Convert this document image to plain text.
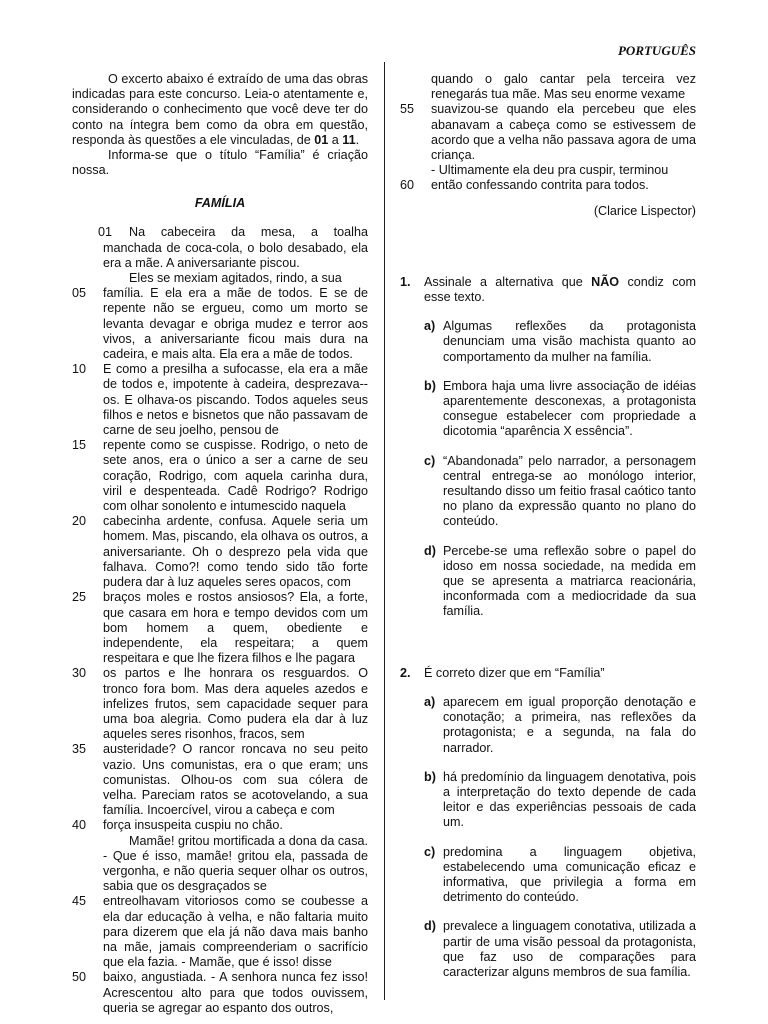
PORTUGUÊS

O excerto abaixo é extraído de uma das obras indicadas para este concurso. Leia-o atentamente e, considerando o conhecimento que você deve ter do conto na íntegra bem como da obra em questão, responda às questões a ele vinculadas, de 01 a 11.

Informa-se que o título “Família” é criação nossa.

FAMÍLIA
01 Na cabeceira da mesa, a toalha manchada de coca-cola, o bolo desabado, ela era a mãe. A aniversariante piscou.
Eles se mexiam agitados, rindo, a sua
05 família. E ela era a mãe de todos. E se de repente não se ergueu, como um morto se levanta devagar e obriga mudez e terror aos vivos, a aniversariante ficou mais dura na cadeira, e mais alta. Ela era a mãe de todos.
10 E como a presilha a sufocasse, ela era a mãe de todos e, impotente à cadeira, desprezava--os. E olhava-os piscando. Todos aqueles seus filhos e netos e bisnetos que não passavam de carne de seu joelho, pensou de
15 repente como se cuspisse. Rodrigo, o neto de sete anos, era o único a ser a carne de seu coração, Rodrigo, com aquela carinha dura, viril e despenteada. Cadê Rodrigo? Rodrigo com olhar sonolento e intumescido naquela
20 cabecinha ardente, confusa. Aquele seria um homem. Mas, piscando, ela olhava os outros, a aniversariante. Oh o desprezo pela vida que falhava. Como?! como tendo sido tão forte pudera dar à luz aqueles seres opacos, com
25 braços moles e rostos ansiosos? Ela, a forte, que casara em hora e tempo devidos com um bom homem a quem, obediente e independente, ela respeitara; a quem respeitara e que lhe fizera filhos e lhe pagara
30 os partos e lhe honrara os resguardos. O tronco fora bom. Mas dera aqueles azedos e infelizes frutos, sem capacidade sequer para uma boa alegria. Como pudera ela dar à luz aqueles seres risonhos, fracos, sem
35 austeridade? O rancor roncava no seu peito vazio. Uns comunistas, era o que eram; uns comunistas. Olhou-os com sua cólera de velha. Pareciam ratos se acotovelando, a sua família. Incoercível, virou a cabeça e com
40 força insuspeita cuspiu no chão.
Mamãe! gritou mortificada a dona da casa. - Que é isso, mamãe! gritou ela, passada de vergonha, e não queria sequer olhar os outros, sabia que os desgraçados se
45 entreolhavam vitoriosos como se coubesse a ela dar educação à velha, e não faltaria muito para dizerem que ela já não dava mais banho na mãe, jamais compreenderiam o sacrifício que ela fazia. - Mamãe, que é isso! disse
50 baixo, angustiada. - A senhora nunca fez isso! Acrescentou alto para que todos ouvissem, queria se agregar ao espanto dos outros,
quando o galo cantar pela terceira vez renegarás tua mãe. Mas seu enorme vexame
55 suavizou-se quando ela percebeu que eles abanavam a cabeça como se estivessem de acordo que a velha não passava agora de uma criança.
- Ultimamente ela deu pra cuspir, terminou
60 então confessando contrita para todos.
(Clarice Lispector)
1. Assinale a alternativa que NÃO condiz com esse texto.
a) Algumas reflexões da protagonista denunciam uma visão machista quanto ao comportamento da mulher na família.
b) Embora haja uma livre associação de idéias aparentemente desconexas, a protagonista consegue estabelecer com propriedade a dicotomia “aparência X essência”.
c) “Abandonada” pelo narrador, a personagem central entrega-se ao monólogo interior, resultando disso um feitio frasal caótico tanto no plano da expressão quanto no plano do conteúdo.
d) Percebe-se uma reflexão sobre o papel do idoso em nossa sociedade, na medida em que se apresenta a matriarca reacionária, inconformada com a mediocridade da sua família.
2. É correto dizer que em “Família”
a) aparecem em igual proporção denotação e conotação; a primeira, nas reflexões da protagonista; e a segunda, na fala do narrador.
b) há predomínio da linguagem denotativa, pois a interpretação do texto depende de cada leitor e das experiências pessoais de cada um.
c) predomina a linguagem objetiva, estabelecendo uma comunicação eficaz e informativa, que privilegia a forma em detrimento do conteúdo.
d) prevalece a linguagem conotativa, utilizada a partir de uma visão pessoal da protagonista, que faz uso de comparações para caracterizar alguns membros de sua família.
